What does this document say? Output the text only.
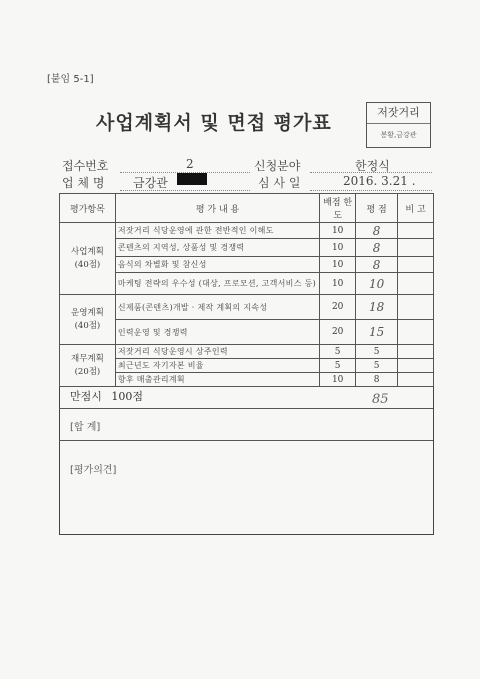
[붙임 5-1]
사업계획서 및 면접 평가표	저잣거리
봉황,금강관
접수번호	2	신청분야	한정식
업 체 명 금강관	심 사 일	2016. 3.21 .
평가항목	평 가 내 용	배점 한도	평 점	비 고

사업계획
(40점)	저잣거리 식당운영에 관한 전반적인 이해도	10	8	
	콘텐츠의 지역성, 상품성 및 경쟁력	10	8	
	음식의 차별화 및 참신성	10	8	
	마케팅 전략의 우수성 (대상, 프로모션, 고객서비스 등)	10	10	

운영계획
(40점)	신제품(콘텐츠)개발 · 제작 계획의 지속성	20	18	
	인력운영 및 경쟁력	20	15	

재무계획
(20점)	저잣거리 식당운영시 상주인력	5	5	
	최근년도 자기자본 비율	5	5	
	향후 매출관리계획	10	8	
만점시 100점	85
[합 계]
[평가의견]
